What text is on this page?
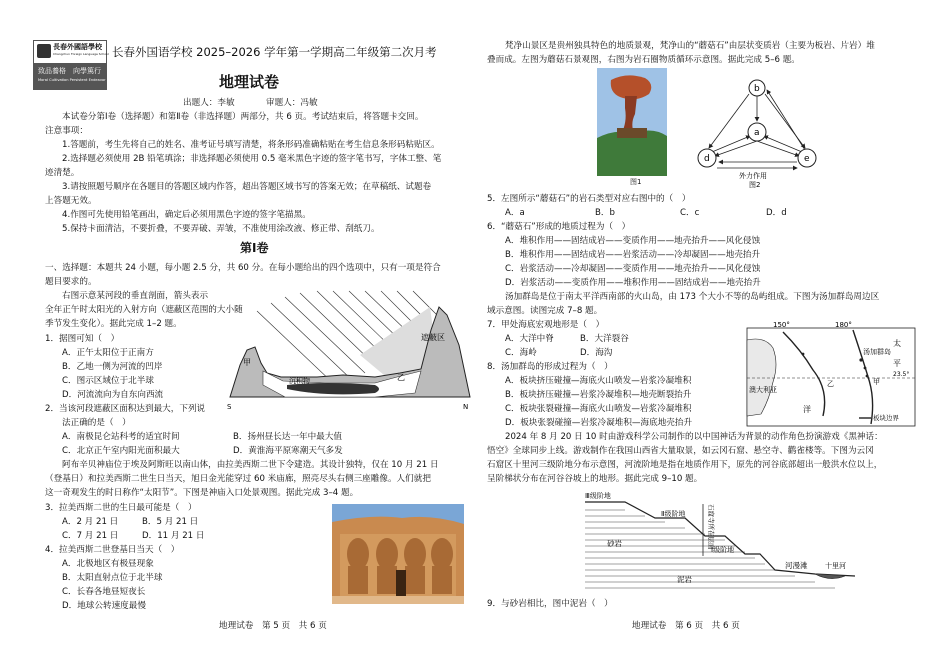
長春外國語學校
Changchun Foreign Language School
致品養格　向學篤行
Moral Cultivation Persistent Endeavor
长春外国语学校 2025–2026 学年第一学期高二年级第二次月考
地理试卷
出题人：李敏	审题人：冯敏
本试卷分第Ⅰ卷（选择题）和第Ⅱ卷（非选择题）两部分，共 6 页。考试结束后，将答题卡交回。
注意事项：
1.答题前，考生先将自己的姓名、准考证号填写清楚，将条形码准确粘贴在考生信息条形码粘贴区。
2.选择题必须使用 2B 铅笔填涂；非选择题必须使用 0.5 毫米黑色字迹的签字笔书写，字体工整、笔
迹清楚。
3.请按照题号顺序在各题目的答题区域内作答，超出答题区域书写的答案无效；在草稿纸、试题卷
上答题无效。
4.作图可先使用铅笔画出，确定后必须用黑色字迹的签字笔描黑。
5.保持卡面清洁，不要折叠，不要弄破、弄皱，不准使用涂改液、修正带、刮纸刀。
第Ⅰ卷
一、选择题：本题共 24 小题，每小题 2.5 分，共 60 分。在每小题给出的四个选项中，只有一项是符合
题目要求的。
右图示意某河段的垂直剖面，箭头表示
全年正午时太阳光的入射方向（遮蔽区范围的大小随
季节发生变化）。据此完成 1–2 题。
遮蔽区
甲
乙
沉积物
S	N
1．据图可知（　）
A．正午太阳位于正南方
B．乙地一侧为河流的凹岸
C．图示区域位于北半球
D．河流流向为自东向西流
2．当该河段遮蔽区面积达到最大，下列说
法正确的是（　）
A．南极昆仑站科考的适宜时间	B．扬州昼长达一年中最大值
C．北京正午室内阳光面积最大	D．黄淮海平原寒潮天气多发
阿布辛贝神庙位于埃及阿斯旺以南山体，由拉美西斯二世下令建造。其设计独特，仅在 10 月 21 日
（登基日）和拉美西斯二世生日当天，旭日金光能穿过 60 米庙廊，照亮尽头右侧三座雕像。人们就把
这一奇观发生的时日称作“太阳节”。下图是神庙入口处景观图。据此完成 3–4 题。
3．拉美西斯二世的生日最可能是（　）
A．2 月 21 日	B．5 月 21 日
C．7 月 21 日	D．11 月 21 日
4．拉美西斯二世登基日当天（　）
A．北极地区有极昼现象
B．太阳直射点位于北半球
C．长春各地昼短夜长
D．地球公转速度最慢
地理试卷　第 5 页　共 6 页
梵净山景区是贵州独具特色的地质景观，梵净山的“蘑菇石”由层状变质岩（主要为板岩、片岩）堆
叠而成。左图为蘑菇石景观图，右图为岩石圈物质循环示意图。据此完成 5–6 题。
图1
b
a
d	e
外力作用
图2
5．左图所示“蘑菇石”的岩石类型对应右图中的（　）
A．a	B．b	C．c	D．d
6．“蘑菇石”形成的地质过程为（　）
A．堆积作用——固结成岩——变质作用——地壳抬升——风化侵蚀
B．堆积作用——固结成岩——岩浆活动——冷却凝固——地壳抬升
C．岩浆活动——冷却凝固——变质作用——地壳抬升——风化侵蚀
D．岩浆活动——变质作用——堆积作用——固结成岩——地壳抬升
汤加群岛是位于南太平洋西南部的火山岛，由 173 个大小不等的岛屿组成。下图为汤加群岛周边区
域示意图。读图完成 7–8 题。
7．甲处海底宏观地形是（　）
A．大洋中脊	B．大洋裂谷
C．海岭	D．海沟
8．汤加群岛的形成过程为（　）
A．板块挤压碰撞—海底火山喷发—岩浆冷凝堆积
B．板块挤压碰撞—岩浆冷凝堆积—地壳断裂抬升
C．板块张裂碰撞—海底火山喷发—岩浆冷凝堆积
D．板块张裂碰撞—岩浆冷凝堆积—海底地壳抬升
150°	180°
23.5°
澳大利亚
汤加群岛
太
平
洋
甲
乙
板块边界
2024 年 8 月 20 日 10 时由游戏科学公司制作的以中国神话为背景的动作角色扮演游戏《黑神话：
悟空》全球同步上线。游戏制作在我国山西省大量取景，如云冈石窟、悬空寺、鹳雀楼等。下图为云冈
石窟区十里河三级阶地分布示意图，河流阶地是指在地质作用下，原先的河谷底部超出一般洪水位以上，
呈阶梯状分布在河谷谷坡上的地形。据此完成 9–10 题。
Ⅲ级阶地
Ⅱ级阶地
Ⅰ级阶地
砂岩
泥岩
河漫滩	十里河
石窟寺所在层面
9．与砂岩相比，图中泥岩（　）
地理试卷　第 6 页　共 6 页
